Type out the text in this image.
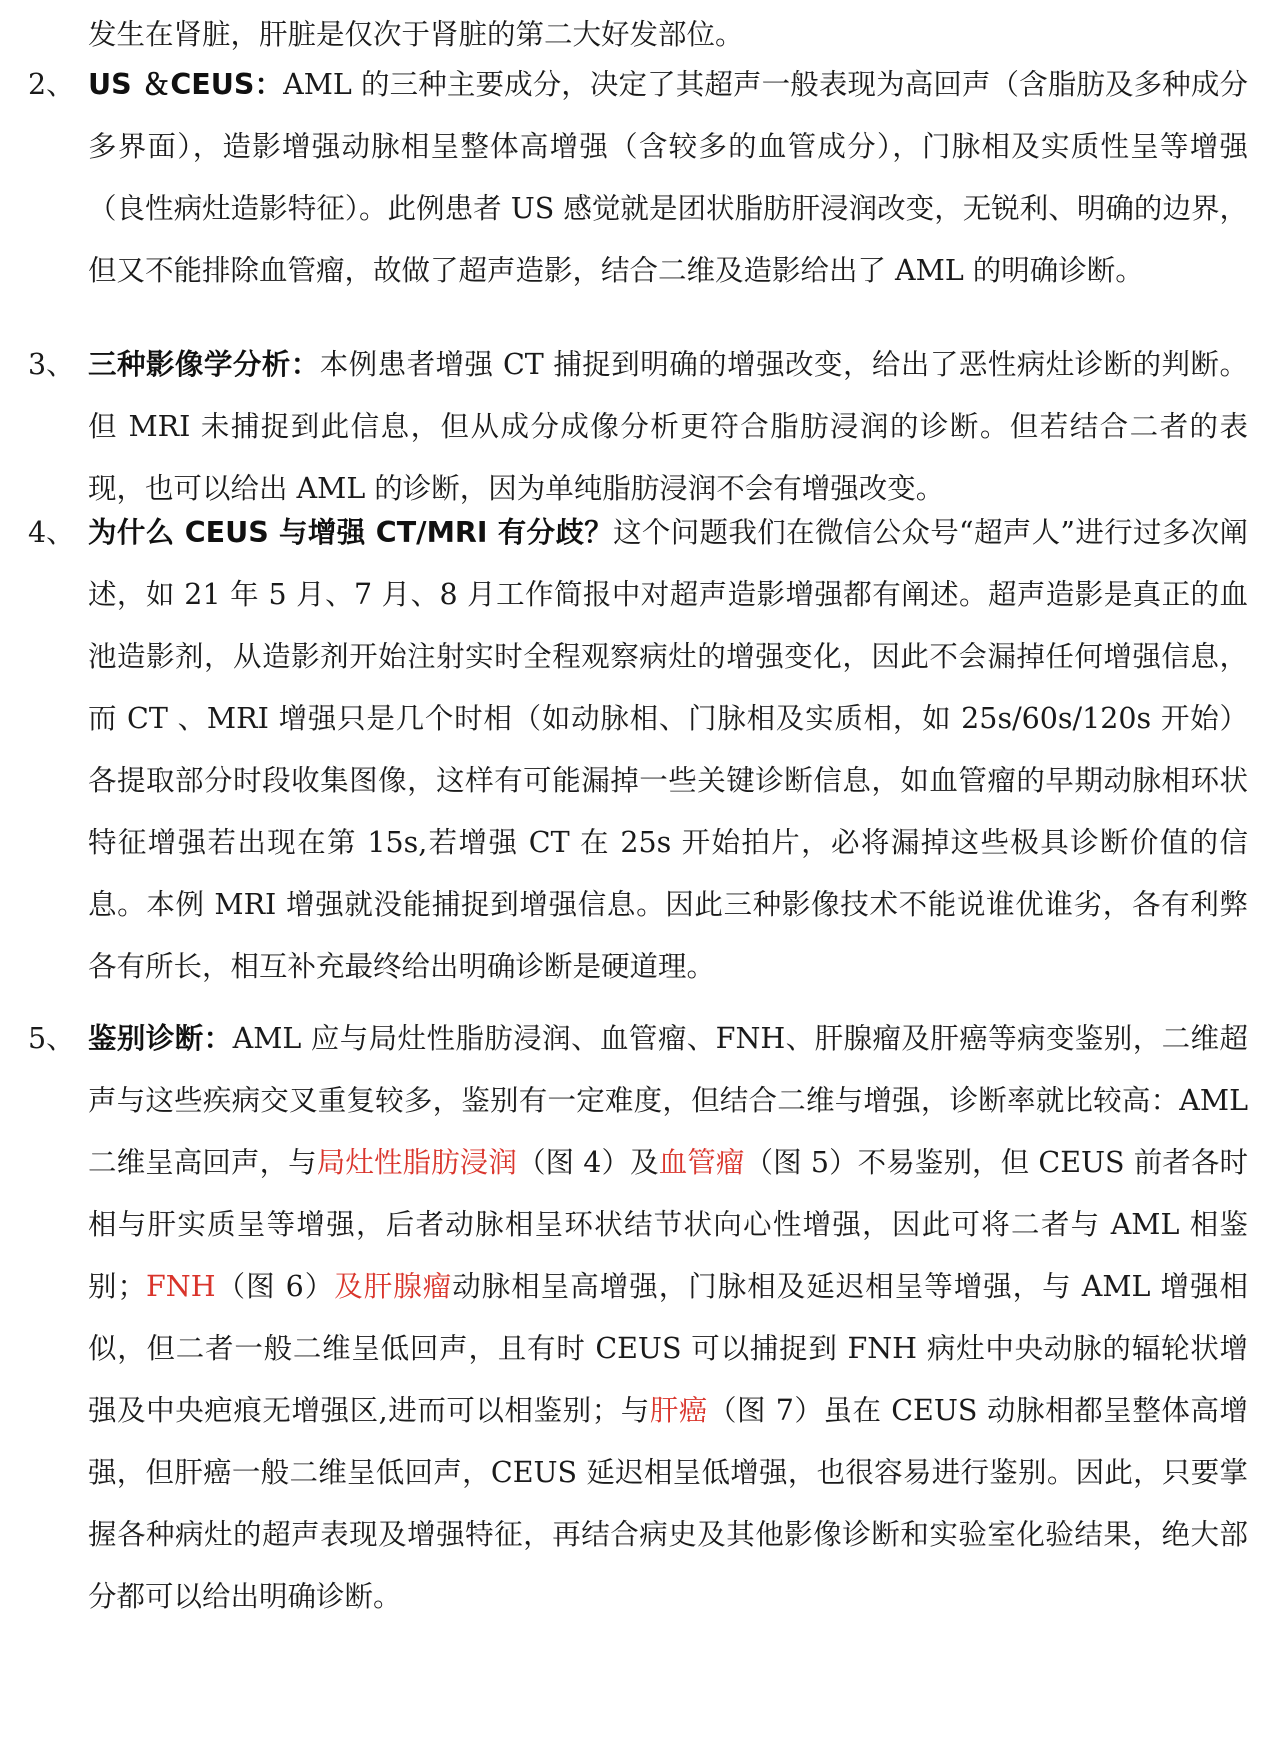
发生在肾脏，肝脏是仅次于肾脏的第二大好发部位。

2、 US ＆CEUS：AML 的三种主要成分，决定了其超声一般表现为高回声（含脂肪及多种成分多界面），造影增强动脉相呈整体高增强（含较多的血管成分），门脉相及实质性呈等增强（良性病灶造影特征）。此例患者 US 感觉就是团状脂肪肝浸润改变，无锐利、明确的边界，但又不能排除血管瘤，故做了超声造影，结合二维及造影给出了 AML 的明确诊断。

3、 三种影像学分析：本例患者增强 CT 捕捉到明确的增强改变，给出了恶性病灶诊断的判断。但 MRI 未捕捉到此信息，但从成分成像分析更符合脂肪浸润的诊断。但若结合二者的表现，也可以给出 AML 的诊断，因为单纯脂肪浸润不会有增强改变。

4、 为什么 CEUS 与增强 CT/MRI 有分歧？这个问题我们在微信公众号“超声人”进行过多次阐述，如 21 年 5 月、7 月、8 月工作简报中对超声造影增强都有阐述。超声造影是真正的血池造影剂，从造影剂开始注射实时全程观察病灶的增强变化，因此不会漏掉任何增强信息，而 CT 、MRI 增强只是几个时相（如动脉相、门脉相及实质相，如 25s/60s/120s 开始）各提取部分时段收集图像，这样有可能漏掉一些关键诊断信息，如血管瘤的早期动脉相环状特征增强若出现在第 15s,若增强 CT 在 25s 开始拍片，必将漏掉这些极具诊断价值的信息。本例 MRI 增强就没能捕捉到增强信息。因此三种影像技术不能说谁优谁劣，各有利弊各有所长，相互补充最终给出明确诊断是硬道理。

5、 鉴别诊断：AML 应与局灶性脂肪浸润、血管瘤、FNH、肝腺瘤及肝癌等病变鉴别，二维超声与这些疾病交叉重复较多，鉴别有一定难度，但结合二维与增强，诊断率就比较高：AML 二维呈高回声，与局灶性脂肪浸润（图 4）及血管瘤（图 5）不易鉴别，但 CEUS 前者各时相与肝实质呈等增强，后者动脉相呈环状结节状向心性增强，因此可将二者与 AML 相鉴别；FNH（图 6）及肝腺瘤动脉相呈高增强，门脉相及延迟相呈等增强，与 AML 增强相似，但二者一般二维呈低回声，且有时 CEUS 可以捕捉到 FNH 病灶中央动脉的辐轮状增强及中央疤痕无增强区,进而可以相鉴别；与肝癌（图 7）虽在 CEUS 动脉相都呈整体高增强，但肝癌一般二维呈低回声，CEUS 延迟相呈低增强，也很容易进行鉴别。因此，只要掌握各种病灶的超声表现及增强特征，再结合病史及其他影像诊断和实验室化验结果，绝大部分都可以给出明确诊断。
